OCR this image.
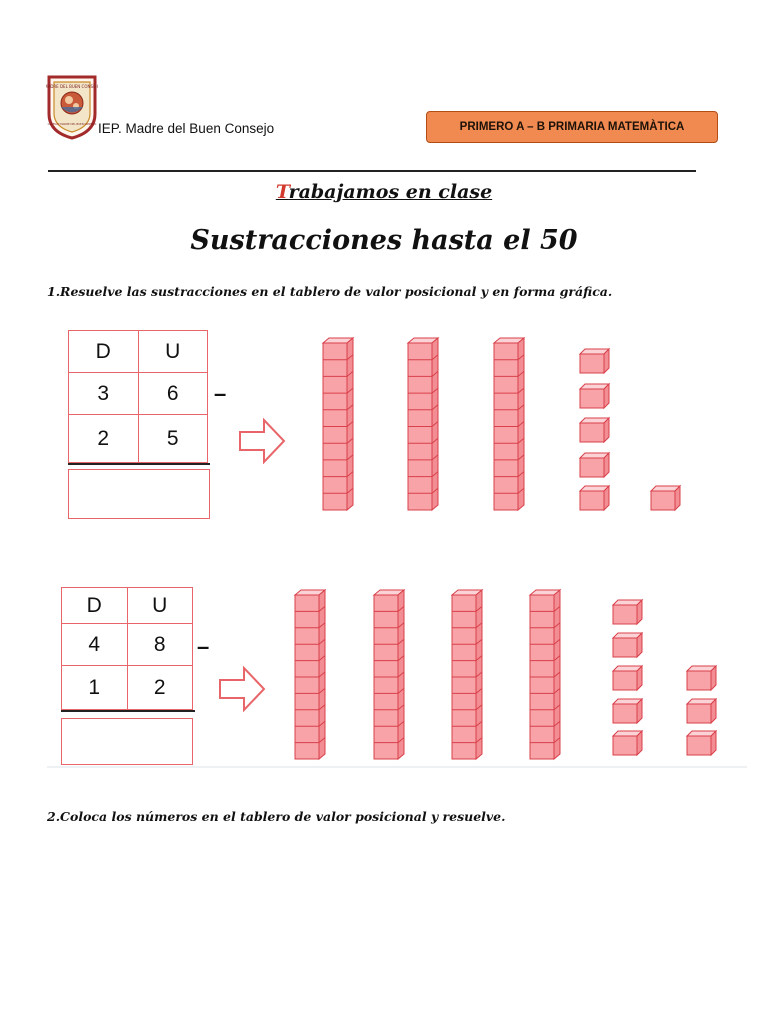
MADRE DEL BUEN CONSEJO
COLEGIO MADRE DEL BUEN CONSEJO IEP. Madre del Buen Consejo	PRIMERO A – B PRIMARIA MATEMÀTICA
Trabajamos en clase
Sustracciones hasta el 50
1.Resuelve las sustracciones en el tablero de valor posicional y en forma gráfica.
D	U
3	6
2	5
–
D	U
4	8
1	2
–
2.Coloca los números en el tablero de valor posicional y resuelve.
